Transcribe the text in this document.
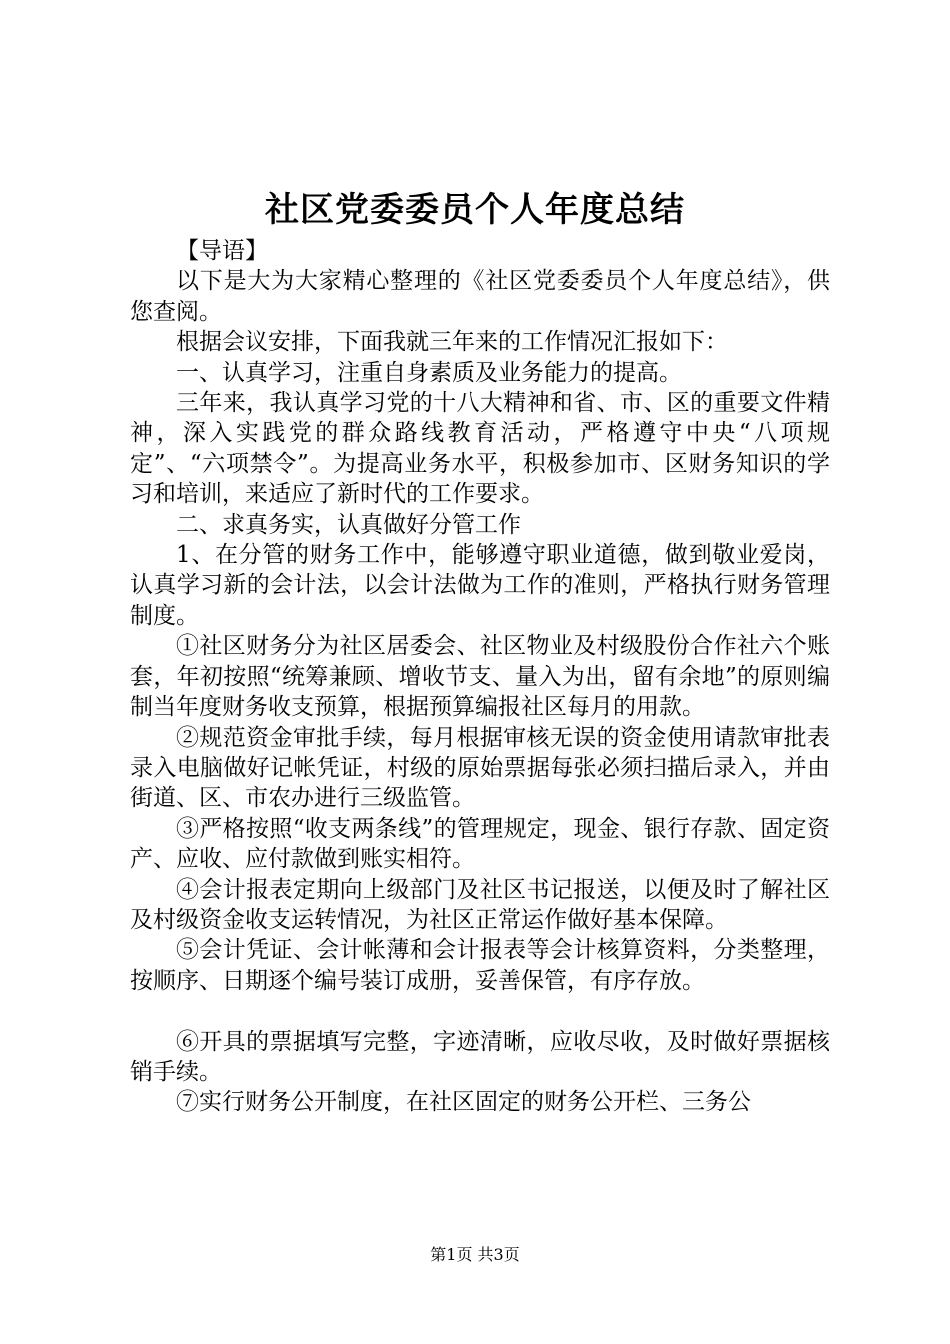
社区党委委员个人年度总结

【导语】

以下是大为大家精心整理的《社区党委委员个人年度总结》，供您查阅。

根据会议安排，下面我就三年来的工作情况汇报如下：

一、认真学习，注重自身素质及业务能力的提高。

三年来，我认真学习党的十八大精神和省、市、区的重要文件精神，深入实践党的群众路线教育活动，严格遵守中央“八项规定”、“六项禁令”。为提高业务水平，积极参加市、区财务知识的学习和培训，来适应了新时代的工作要求。

二、求真务实，认真做好分管工作

1、在分管的财务工作中，能够遵守职业道德，做到敬业爱岗，认真学习新的会计法，以会计法做为工作的准则，严格执行财务管理制度。

①社区财务分为社区居委会、社区物业及村级股份合作社六个账套，年初按照“统筹兼顾、增收节支、量入为出，留有余地”的原则编制当年度财务收支预算，根据预算编报社区每月的用款。

②规范资金审批手续，每月根据审核无误的资金使用请款审批表录入电脑做好记帐凭证，村级的原始票据每张必须扫描后录入，并由街道、区、市农办进行三级监管。

③严格按照“收支两条线”的管理规定，现金、银行存款、固定资产、应收、应付款做到账实相符。

④会计报表定期向上级部门及社区书记报送，以便及时了解社区及村级资金收支运转情况，为社区正常运作做好基本保障。

⑤会计凭证、会计帐薄和会计报表等会计核算资料，分类整理，按顺序、日期逐个编号装订成册，妥善保管，有序存放。

⑥开具的票据填写完整，字迹清晰，应收尽收，及时做好票据核销手续。

⑦实行财务公开制度，在社区固定的财务公开栏、三务公

第1页 共3页
